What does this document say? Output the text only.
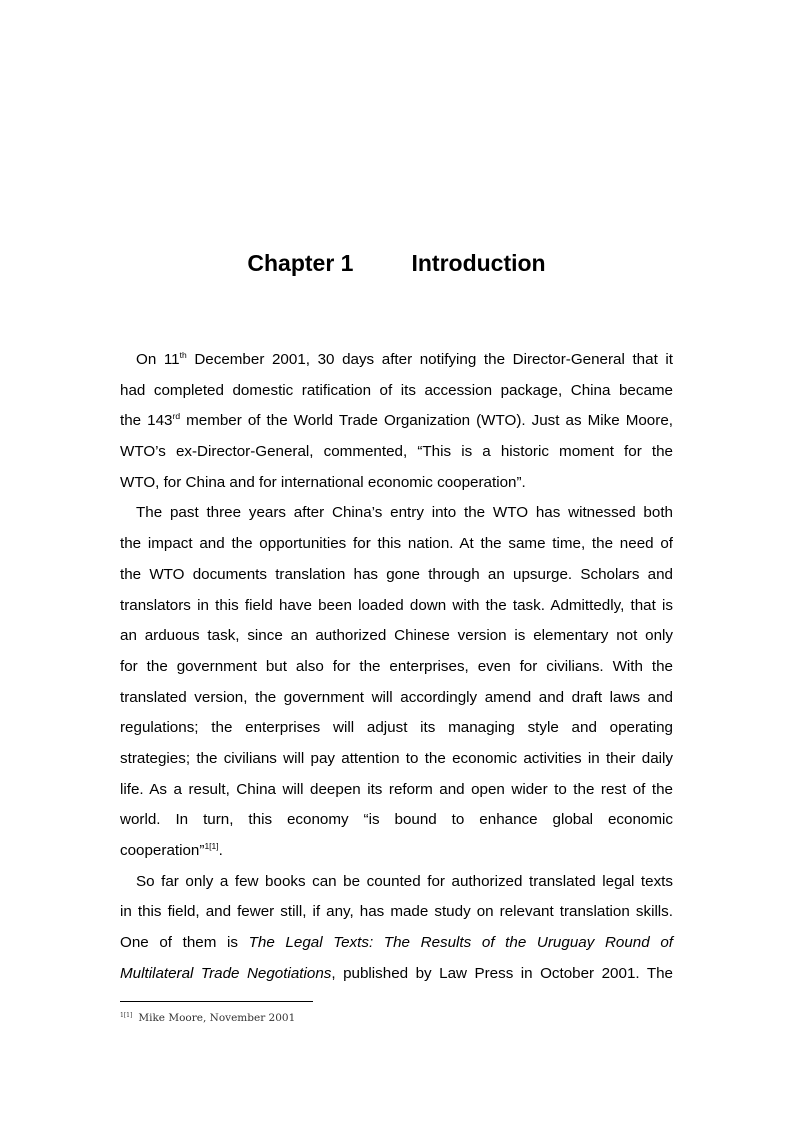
Chapter 1	Introduction
On 11th December 2001, 30 days after notifying the Director-General that it
had completed domestic ratification of its accession package, China became
the 143rd member of the World Trade Organization (WTO). Just as Mike Moore,
WTO’s ex-Director-General, commented, “This is a historic moment for the
WTO, for China and for international economic cooperation”.
The past three years after China’s entry into the WTO has witnessed both
the impact and the opportunities for this nation. At the same time, the need of
the WTO documents translation has gone through an upsurge. Scholars and
translators in this field have been loaded down with the task. Admittedly, that is
an arduous task, since an authorized Chinese version is elementary not only
for the government but also for the enterprises, even for civilians. With the
translated version, the government will accordingly amend and draft laws and
regulations; the enterprises will adjust its managing style and operating
strategies; the civilians will pay attention to the economic activities in their daily
life. As a result, China will deepen its reform and open wider to the rest of the
world. In turn, this economy “is bound to enhance global economic
cooperation”$^{1[1]}$.
So far only a few books can be counted for authorized translated legal texts
in this field, and fewer still, if any, has made study on relevant translation skills.
One of them is The Legal Texts: The Results of the Uruguay Round of
Multilateral Trade Negotiations, published by Law Press in October 2001. The
$^{1[1]}$ Mike Moore, November 2001
